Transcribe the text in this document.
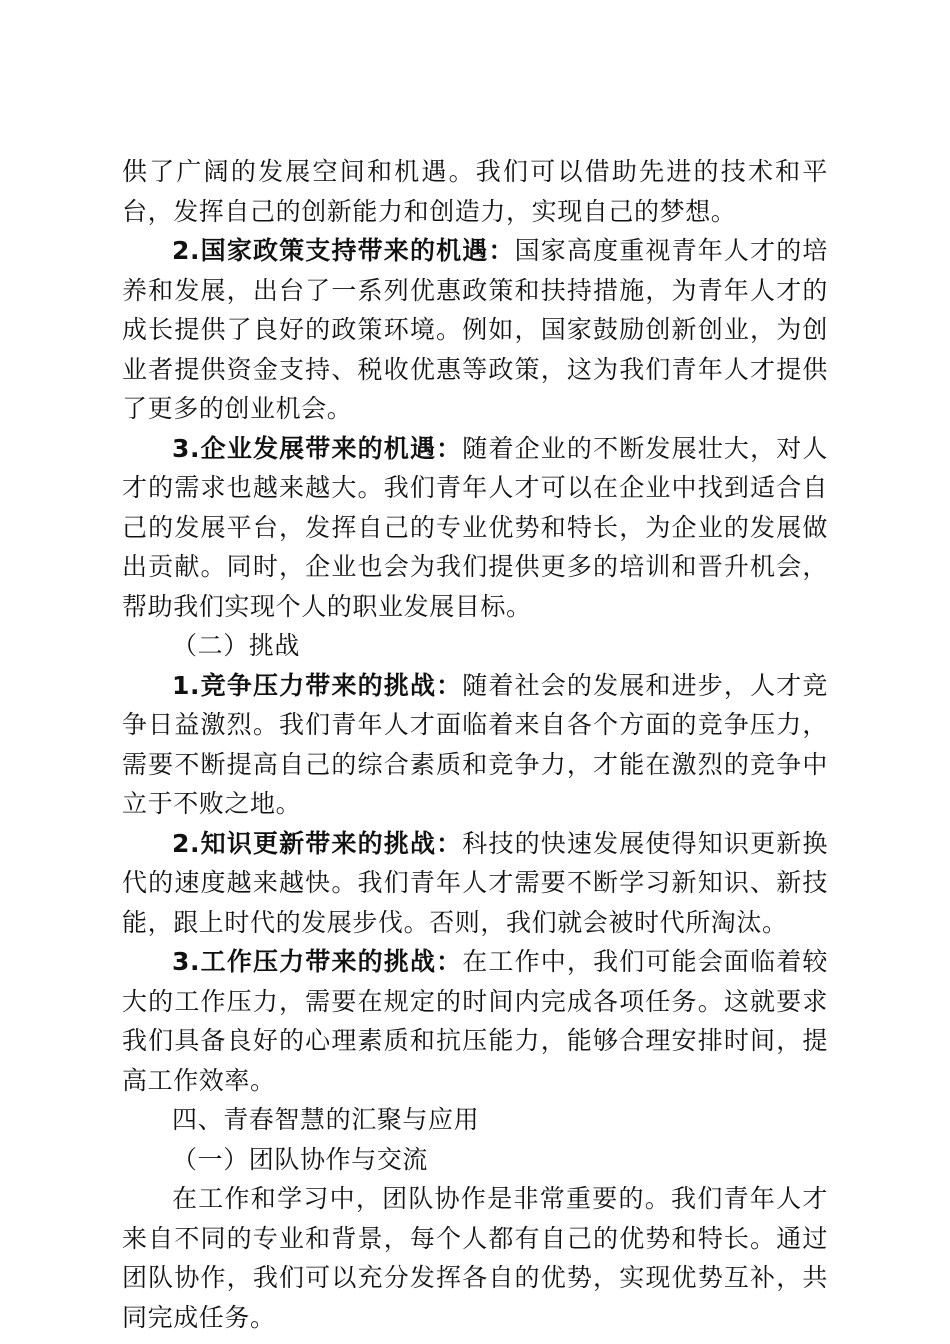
供了广阔的发展空间和机遇。我们可以借助先进的技术和平台，发挥自己的创新能力和创造力，实现自己的梦想。

2.国家政策支持带来的机遇：国家高度重视青年人才的培养和发展，出台了一系列优惠政策和扶持措施，为青年人才的成长提供了良好的政策环境。例如，国家鼓励创新创业，为创业者提供资金支持、税收优惠等政策，这为我们青年人才提供了更多的创业机会。

3.企业发展带来的机遇：随着企业的不断发展壮大，对人才的需求也越来越大。我们青年人才可以在企业中找到适合自己的发展平台，发挥自己的专业优势和特长，为企业的发展做出贡献。同时，企业也会为我们提供更多的培训和晋升机会，帮助我们实现个人的职业发展目标。

（二）挑战

1.竞争压力带来的挑战：随着社会的发展和进步，人才竞争日益激烈。我们青年人才面临着来自各个方面的竞争压力，需要不断提高自己的综合素质和竞争力，才能在激烈的竞争中立于不败之地。

2.知识更新带来的挑战：科技的快速发展使得知识更新换代的速度越来越快。我们青年人才需要不断学习新知识、新技能，跟上时代的发展步伐。否则，我们就会被时代所淘汰。

3.工作压力带来的挑战：在工作中，我们可能会面临着较大的工作压力，需要在规定的时间内完成各项任务。这就要求我们具备良好的心理素质和抗压能力，能够合理安排时间，提高工作效率。

四、青春智慧的汇聚与应用

（一）团队协作与交流

在工作和学习中，团队协作是非常重要的。我们青年人才来自不同的专业和背景，每个人都有自己的优势和特长。通过团队协作，我们可以充分发挥各自的优势，实现优势互补，共同完成任务。
